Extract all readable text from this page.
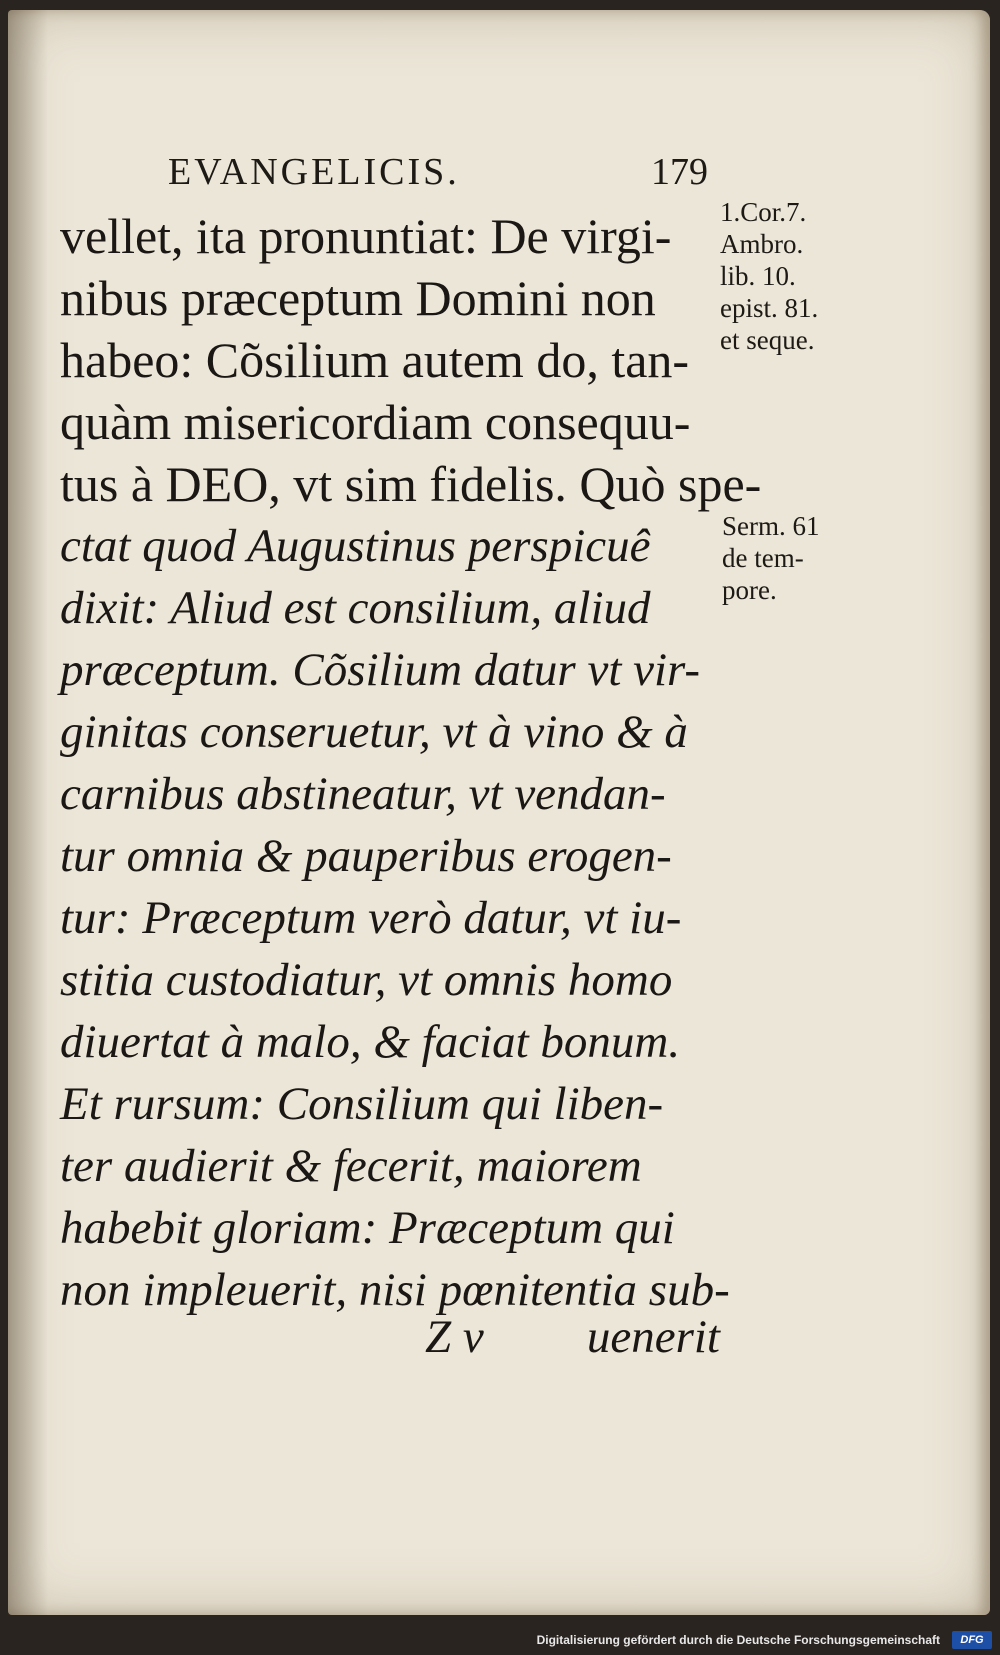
EVANGELICIS.	179
vellet, ita pronuntiat: De virgi-
nibus præceptum Domini non
habeo: Cõsilium autem do, tan-
quàm misericordiam consequu-
tus à DEO, vt sim fidelis. Quò spe-
ctat quod Augustinus perspicuê
dixit: Aliud est consilium, aliud
præceptum. Cõsilium datur vt vir-
ginitas conseruetur, vt à vino & à
carnibus abstineatur, vt vendan-
tur omnia & pauperibus erogen-
tur: Præceptum verò datur, vt iu-
stitia custodiatur, vt omnis homo
diuertat à malo, & faciat bonum.
Et rursum: Consilium qui liben-
ter audierit & fecerit, maiorem
habebit gloriam: Præceptum qui
non impleuerit, nisi pœnitentia sub-
Z v uenerit
1.Cor.7.
Ambro.
lib. 10.
epist. 81.
et seque.
Serm. 61
de tem-
pore.
Digitalisierung gefördert durch die Deutsche Forschungsgemeinschaft	DFG
